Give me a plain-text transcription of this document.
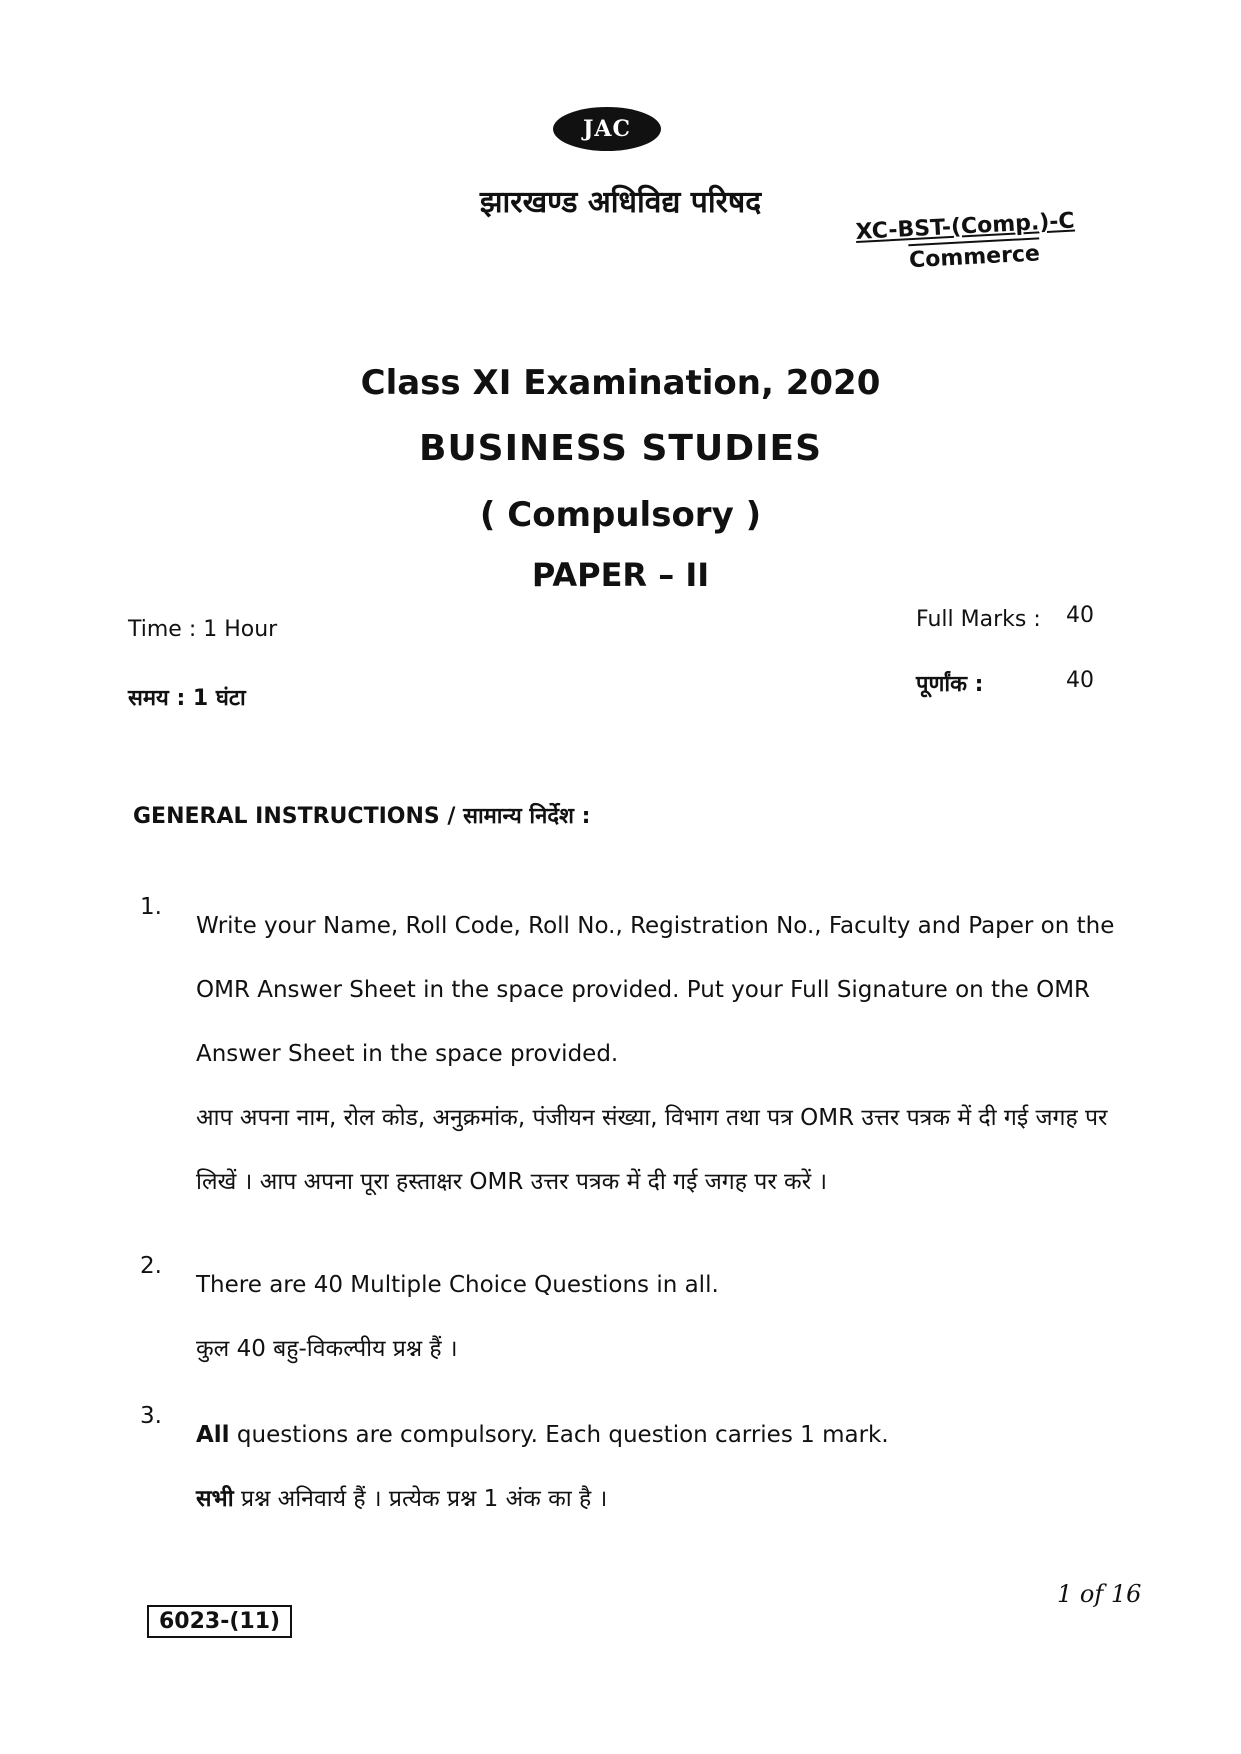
JAC
झारखण्ड अधिविद्य परिषद
XC-BST-(Comp.)-C
Commerce
Class XI Examination, 2020
BUSINESS STUDIES
( Compulsory )
PAPER – II
Time : 1 Hour
समय : 1 घंटा
Full Marks : 40
पूर्णांक :	40
GENERAL INSTRUCTIONS / सामान्य निर्देश :
1.

Write your Name, Roll Code, Roll No., Registration No., Faculty and Paper on the OMR Answer Sheet in the space provided. Put your Full Signature on the OMR Answer Sheet in the space provided.

आप अपना नाम, रोल कोड, अनुक्रमांक, पंजीयन संख्या, विभाग तथा पत्र OMR उत्तर पत्रक में दी गई जगह पर लिखें । आप अपना पूरा हस्ताक्षर OMR उत्तर पत्रक में दी गई जगह पर करें ।

2.

There are 40 Multiple Choice Questions in all.

कुल 40 बहु-विकल्पीय प्रश्न हैं ।

3.

All questions are compulsory. Each question carries 1 mark.

सभी प्रश्न अनिवार्य हैं । प्रत्येक प्रश्न 1 अंक का है ।

1 of 16
6023-(11)
